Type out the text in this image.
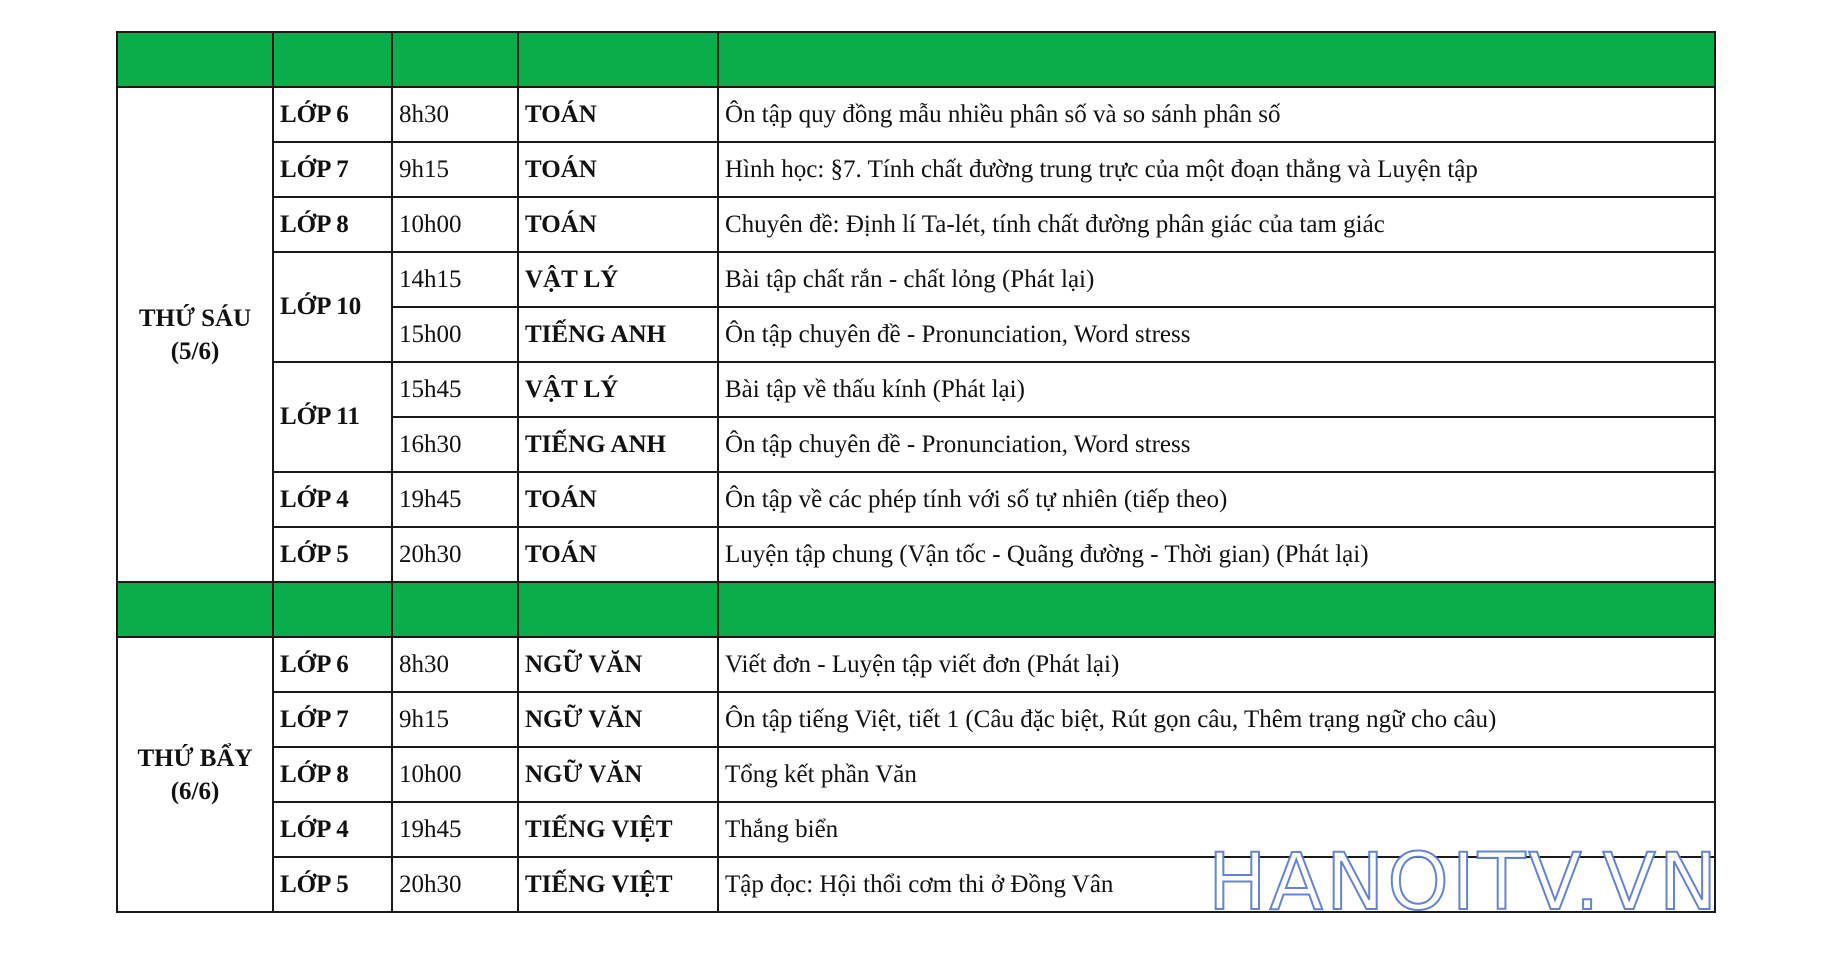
THỨ SÁU
(5/6)	LỚP 6	8h30	TOÁN	Ôn tập quy đồng mẫu nhiều phân số và so sánh phân số
	LỚP 7	9h15	TOÁN	Hình học: §7. Tính chất đường trung trực của một đoạn thẳng và Luyện tập
	LỚP 8	10h00	TOÁN	Chuyên đề: Định lí Ta-lét, tính chất đường phân giác của tam giác
	LỚP 10	14h15	VẬT LÝ	Bài tập chất rắn - chất lỏng (Phát lại)
		15h00	TIẾNG ANH	Ôn tập chuyên đề - Pronunciation, Word stress
	LỚP 11	15h45	VẬT LÝ	Bài tập về thấu kính (Phát lại)
		16h30	TIẾNG ANH	Ôn tập chuyên đề - Pronunciation, Word stress
	LỚP 4	19h45	TOÁN	Ôn tập về các phép tính với số tự nhiên (tiếp theo)
	LỚP 5	20h30	TOÁN	Luyện tập chung (Vận tốc - Quãng đường - Thời gian) (Phát lại)

THỨ BẨY
(6/6)	LỚP 6	8h30	NGỮ VĂN	Viết đơn - Luyện tập viết đơn (Phát lại)
	LỚP 7	9h15	NGỮ VĂN	Ôn tập tiếng Việt, tiết 1 (Câu đặc biệt, Rút gọn câu, Thêm trạng ngữ cho câu)
	LỚP 8	10h00	NGỮ VĂN	Tổng kết phần Văn
	LỚP 4	19h45	TIẾNG VIỆT	Thắng biển
	LỚP 5	20h30	TIẾNG VIỆT	Tập đọc: Hội thổi cơm thi ở Đồng Vân HANOITV.VN
